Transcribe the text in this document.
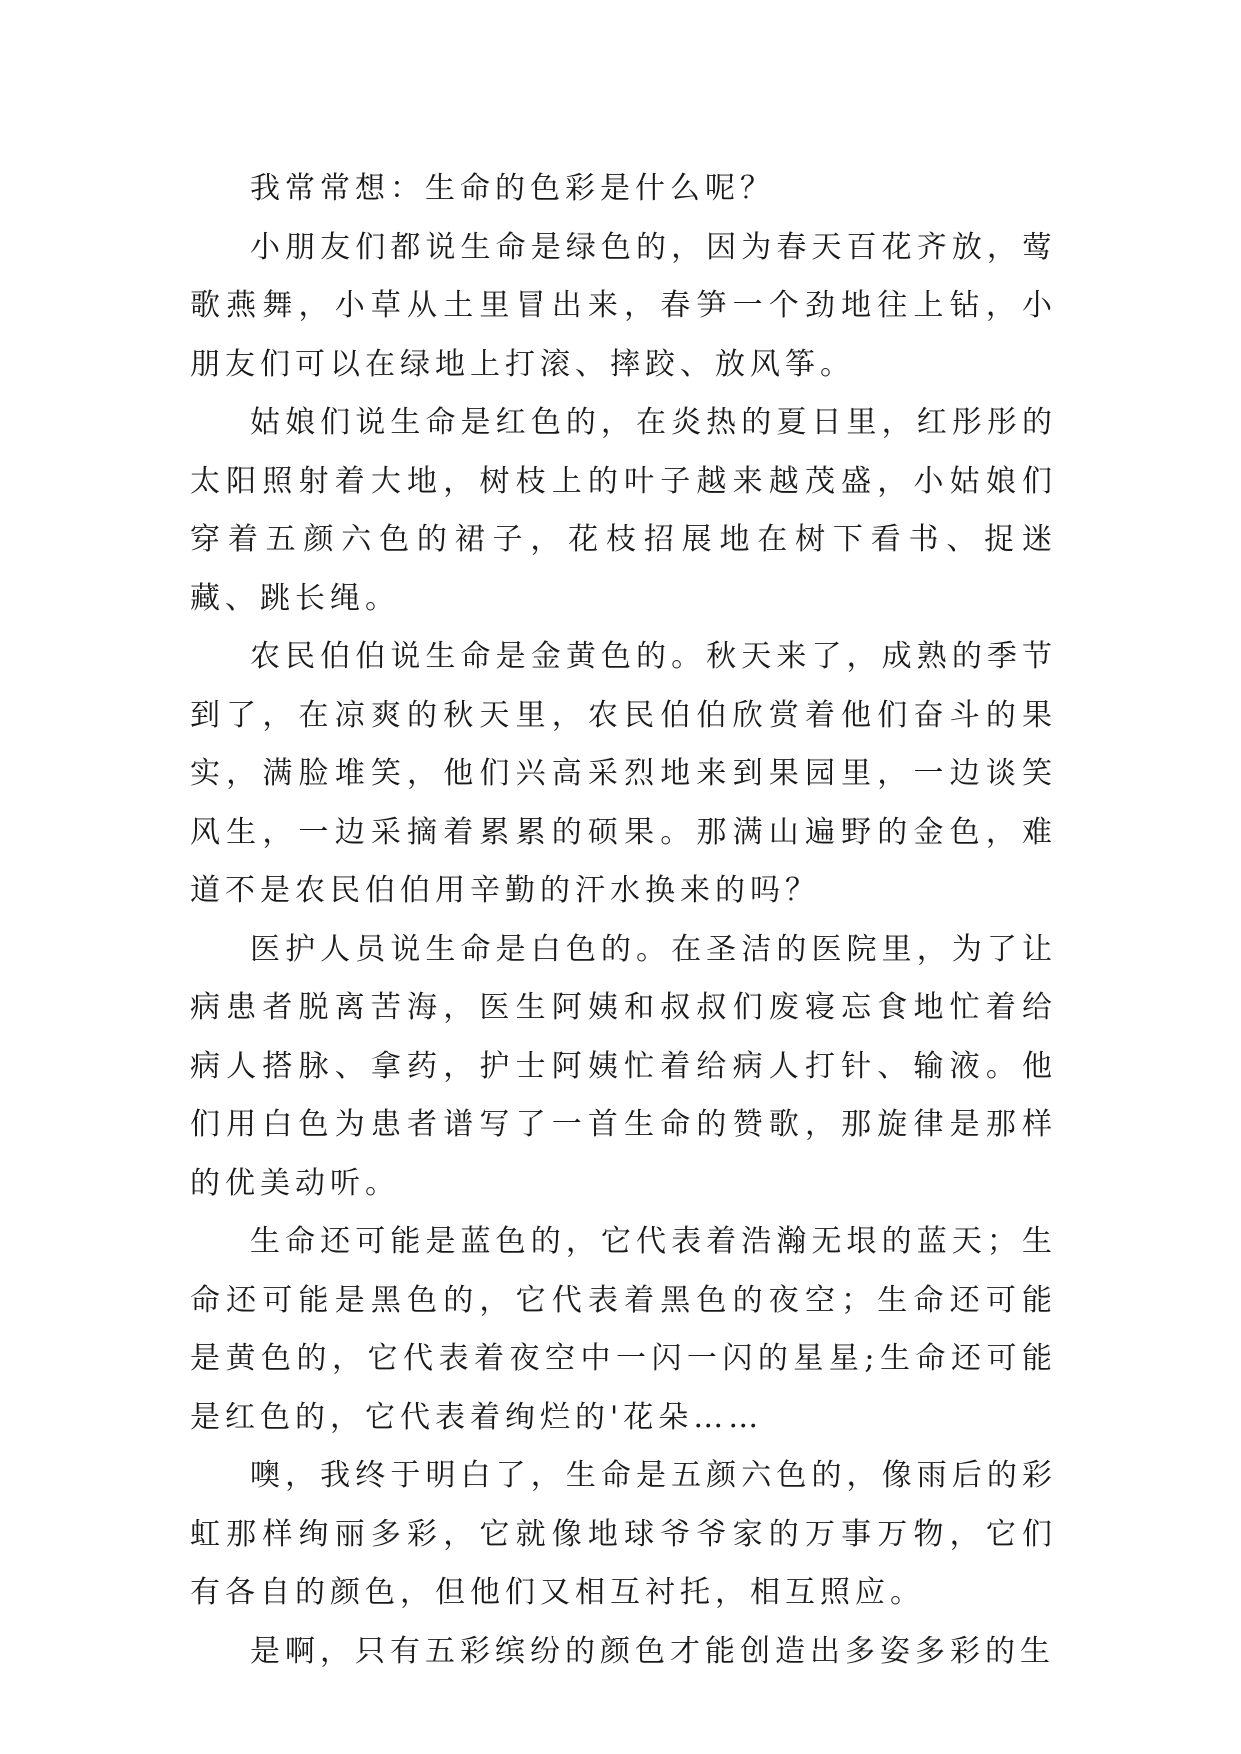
我常常想：生命的色彩是什么呢？

小朋友们都说生命是绿色的，因为春天百花齐放，莺歌燕舞，小草从土里冒出来，春笋一个劲地往上钻，小朋友们可以在绿地上打滚、摔跤、放风筝。

姑娘们说生命是红色的，在炎热的夏日里，红彤彤的太阳照射着大地，树枝上的叶子越来越茂盛，小姑娘们穿着五颜六色的裙子，花枝招展地在树下看书、捉迷藏、跳长绳。

农民伯伯说生命是金黄色的。秋天来了，成熟的季节到了，在凉爽的秋天里，农民伯伯欣赏着他们奋斗的果实，满脸堆笑，他们兴高采烈地来到果园里，一边谈笑风生，一边采摘着累累的硕果。那满山遍野的金色，难道不是农民伯伯用辛勤的汗水换来的吗？

医护人员说生命是白色的。在圣洁的医院里，为了让病患者脱离苦海，医生阿姨和叔叔们废寝忘食地忙着给病人搭脉、拿药，护士阿姨忙着给病人打针、输液。他们用白色为患者谱写了一首生命的赞歌，那旋律是那样的优美动听。

生命还可能是蓝色的，它代表着浩瀚无垠的蓝天；生命还可能是黑色的，它代表着黑色的夜空；生命还可能是黄色的，它代表着夜空中一闪一闪的星星;生命还可能是红色的，它代表着绚烂的'花朵……

噢，我终于明白了，生命是五颜六色的，像雨后的彩虹那样绚丽多彩，它就像地球爷爷家的万事万物，它们有各自的颜色，但他们又相互衬托，相互照应。

是啊，只有五彩缤纷的颜色才能创造出多姿多彩的生
